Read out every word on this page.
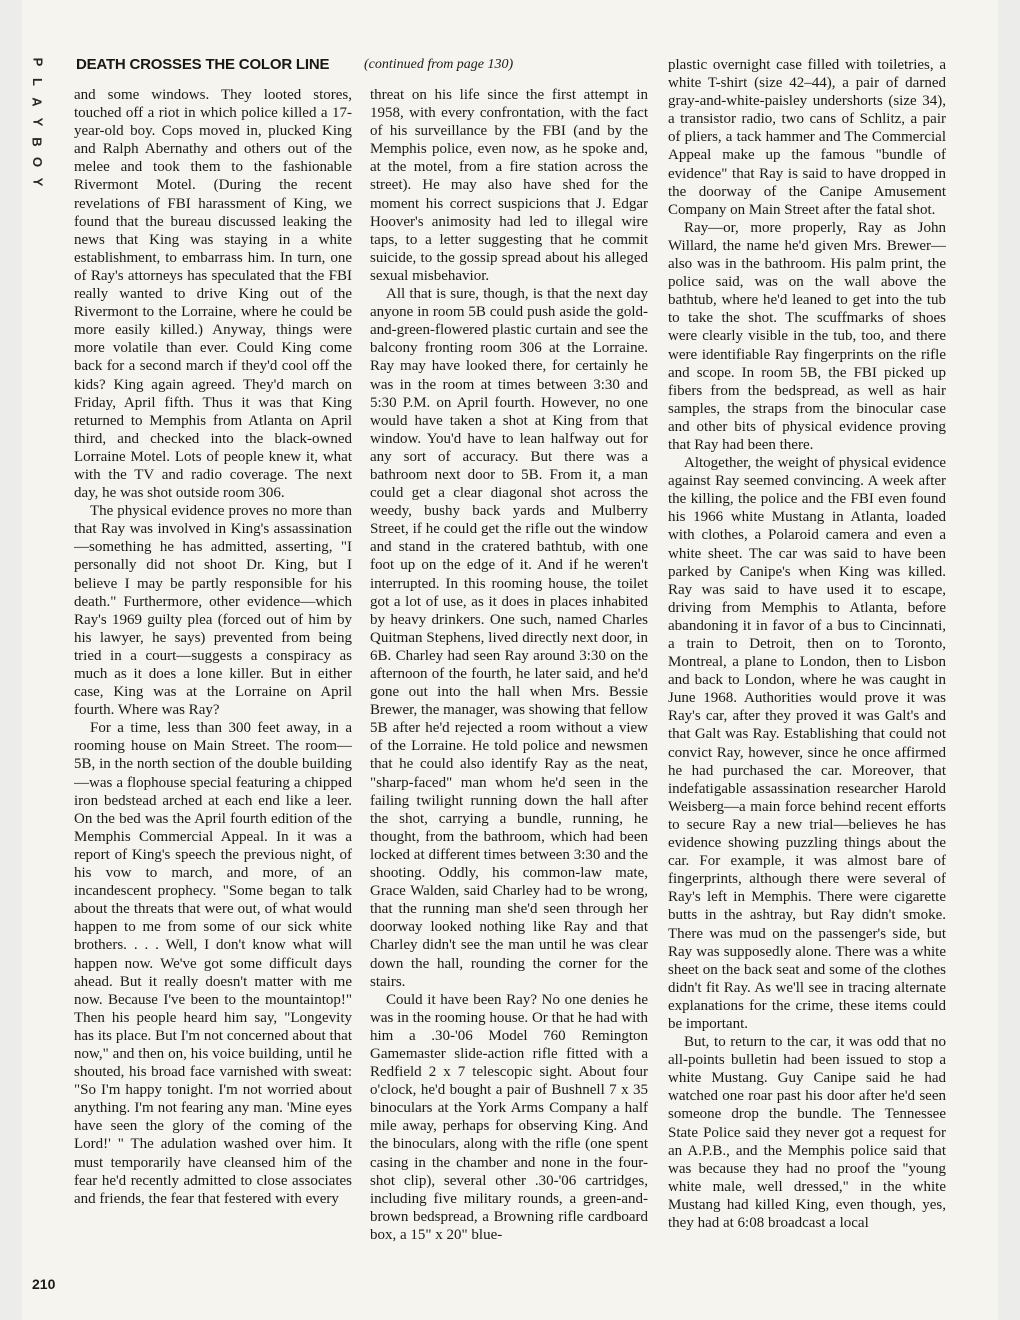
P
L
A
Y
B
O
Y
DEATH CROSSES THE COLOR LINE (continued from page 130)

and some windows. They looted stores, touched off a riot in which police killed a 17-year-old boy. Cops moved in, plucked King and Ralph Abernathy and others out of the melee and took them to the fashionable Rivermont Motel. (During the recent revelations of FBI harassment of King, we found that the bureau discussed leaking the news that King was staying in a white establishment, to embarrass him. In turn, one of Ray's attorneys has speculated that the FBI really wanted to drive King out of the Rivermont to the Lorraine, where he could be more easily killed.) Anyway, things were more volatile than ever. Could King come back for a second march if they'd cool off the kids? King again agreed. They'd march on Friday, April fifth. Thus it was that King returned to Memphis from Atlanta on April third, and checked into the black-owned Lorraine Motel. Lots of people knew it, what with the TV and radio coverage. The next day, he was shot outside room 306.

The physical evidence proves no more than that Ray was involved in King's assassination—something he has admitted, asserting, "I personally did not shoot Dr. King, but I believe I may be partly responsible for his death." Furthermore, other evidence—which Ray's 1969 guilty plea (forced out of him by his lawyer, he says) prevented from being tried in a court—suggests a conspiracy as much as it does a lone killer. But in either case, King was at the Lorraine on April fourth. Where was Ray?

For a time, less than 300 feet away, in a rooming house on Main Street. The room—5B, in the north section of the double building—was a flophouse special featuring a chipped iron bedstead arched at each end like a leer. On the bed was the April fourth edition of the Memphis Commercial Appeal. In it was a report of King's speech the previous night, of his vow to march, and more, of an incandescent prophecy. "Some began to talk about the threats that were out, of what would happen to me from some of our sick white brothers. . . . Well, I don't know what will happen now. We've got some difficult days ahead. But it really doesn't matter with me now. Because I've been to the mountaintop!" Then his people heard him say, "Longevity has its place. But I'm not concerned about that now," and then on, his voice building, until he shouted, his broad face varnished with sweat: "So I'm happy tonight. I'm not worried about anything. I'm not fearing any man. 'Mine eyes have seen the glory of the coming of the Lord!' " The adulation washed over him. It must temporarily have cleansed him of the fear he'd recently admitted to close associates and friends, the fear that festered with every

threat on his life since the first attempt in 1958, with every confrontation, with the fact of his surveillance by the FBI (and by the Memphis police, even now, as he spoke and, at the motel, from a fire station across the street). He may also have shed for the moment his correct suspicions that J. Edgar Hoover's animosity had led to illegal wire taps, to a letter suggesting that he commit suicide, to the gossip spread about his alleged sexual misbehavior.

All that is sure, though, is that the next day anyone in room 5B could push aside the gold-and-green-flowered plastic curtain and see the balcony fronting room 306 at the Lorraine. Ray may have looked there, for certainly he was in the room at times between 3:30 and 5:30 P.M. on April fourth. However, no one would have taken a shot at King from that window. You'd have to lean halfway out for any sort of accuracy. But there was a bathroom next door to 5B. From it, a man could get a clear diagonal shot across the weedy, bushy back yards and Mulberry Street, if he could get the rifle out the window and stand in the cratered bathtub, with one foot up on the edge of it. And if he weren't interrupted. In this rooming house, the toilet got a lot of use, as it does in places inhabited by heavy drinkers. One such, named Charles Quitman Stephens, lived directly next door, in 6B. Charley had seen Ray around 3:30 on the afternoon of the fourth, he later said, and he'd gone out into the hall when Mrs. Bessie Brewer, the manager, was showing that fellow 5B after he'd rejected a room without a view of the Lorraine. He told police and newsmen that he could also identify Ray as the neat, "sharp-faced" man whom he'd seen in the failing twilight running down the hall after the shot, carrying a bundle, running, he thought, from the bathroom, which had been locked at different times between 3:30 and the shooting. Oddly, his common-law mate, Grace Walden, said Charley had to be wrong, that the running man she'd seen through her doorway looked nothing like Ray and that Charley didn't see the man until he was clear down the hall, rounding the corner for the stairs.

Could it have been Ray? No one denies he was in the rooming house. Or that he had with him a .30-'06 Model 760 Remington Gamemaster slide-action rifle fitted with a Redfield 2 x 7 telescopic sight. About four o'clock, he'd bought a pair of Bushnell 7 x 35 binoculars at the York Arms Company a half mile away, perhaps for observing King. And the binoculars, along with the rifle (one spent casing in the chamber and none in the four-shot clip), several other .30-'06 cartridges, including five military rounds, a green-and-brown bedspread, a Browning rifle cardboard box, a 15" x 20" blue-

plastic overnight case filled with toiletries, a white T-shirt (size 42–44), a pair of darned gray-and-white-paisley undershorts (size 34), a transistor radio, two cans of Schlitz, a pair of pliers, a tack hammer and The Commercial Appeal make up the famous "bundle of evidence" that Ray is said to have dropped in the doorway of the Canipe Amusement Company on Main Street after the fatal shot.

Ray—or, more properly, Ray as John Willard, the name he'd given Mrs. Brewer—also was in the bathroom. His palm print, the police said, was on the wall above the bathtub, where he'd leaned to get into the tub to take the shot. The scuffmarks of shoes were clearly visible in the tub, too, and there were identifiable Ray fingerprints on the rifle and scope. In room 5B, the FBI picked up fibers from the bedspread, as well as hair samples, the straps from the binocular case and other bits of physical evidence proving that Ray had been there.

Altogether, the weight of physical evidence against Ray seemed convincing. A week after the killing, the police and the FBI even found his 1966 white Mustang in Atlanta, loaded with clothes, a Polaroid camera and even a white sheet. The car was said to have been parked by Canipe's when King was killed. Ray was said to have used it to escape, driving from Memphis to Atlanta, before abandoning it in favor of a bus to Cincinnati, a train to Detroit, then on to Toronto, Montreal, a plane to London, then to Lisbon and back to London, where he was caught in June 1968. Authorities would prove it was Ray's car, after they proved it was Galt's and that Galt was Ray. Establishing that could not convict Ray, however, since he once affirmed he had purchased the car. Moreover, that indefatigable assassination researcher Harold Weisberg—a main force behind recent efforts to secure Ray a new trial—believes he has evidence showing puzzling things about the car. For example, it was almost bare of fingerprints, although there were several of Ray's left in Memphis. There were cigarette butts in the ashtray, but Ray didn't smoke. There was mud on the passenger's side, but Ray was supposedly alone. There was a white sheet on the back seat and some of the clothes didn't fit Ray. As we'll see in tracing alternate explanations for the crime, these items could be important.

But, to return to the car, it was odd that no all-points bulletin had been issued to stop a white Mustang. Guy Canipe said he had watched one roar past his door after he'd seen someone drop the bundle. The Tennessee State Police said they never got a request for an A.P.B., and the Memphis police said that was because they had no proof the "young white male, well dressed," in the white Mustang had killed King, even though, yes, they had at 6:08 broadcast a local

210
